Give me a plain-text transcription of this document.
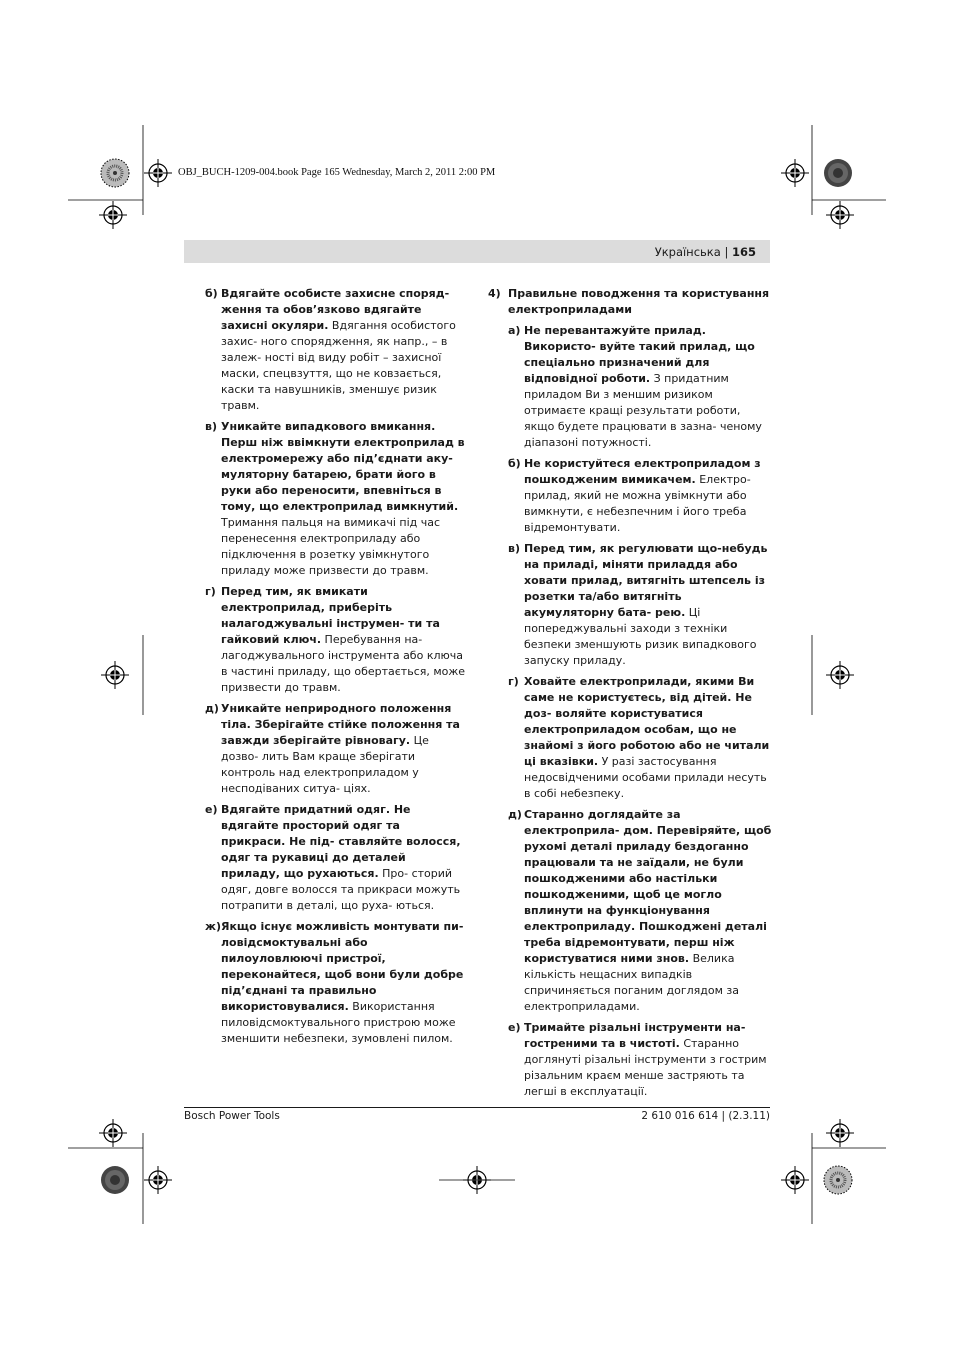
OBJ_BUCH-1209-004.book Page 165 Wednesday, March 2, 2011 2:00 PM
Українська | 165
б) Вдягайте особисте захисне споряд- ження та обов’язково вдягайте захисні окуляри. Вдягання особистого захис- ного спорядження, як напр., – в залеж- ності від виду робіт – захисної маски, спецвзуття, що не ковзається, каски та навушників, зменшує ризик травм.
в) Уникайте випадкового вмикання. Перш ніж ввімкнути електроприлад в електромережу або під’єднати аку- муляторну батарею, брати його в руки або переносити, впевніться в тому, що електроприлад вимкнутий. Тримання пальця на вимикачі під час перенесення електроприладу або підключення в розетку увімкнутого приладу може призвести до травм.
г) Перед тим, як вмикати електроприлад, приберіть налагоджувальні інструмен- ти та гайковий ключ. Перебування на- лагоджувального інструмента або ключа в частині приладу, що обертається, може призвести до травм.
д) Уникайте неприродного положення тіла. Зберігайте стійке положення та завжди зберігайте рівновагу. Це дозво- лить Вам краще зберігати контроль над електроприладом у несподіваних ситуа- ціях.
е) Вдягайте придатний одяг. Не вдягайте просторий одяг та прикраси. Не під- ставляйте волосся, одяг та рукавиці до деталей приладу, що рухаються. Про- сторий одяг, довге волосся та прикраси можуть потрапити в деталі, що руха- ються.
ж) Якщо існує можливість монтувати пи- ловідсмоктувальні або пилоуловлюючі пристрої, переконайтеся, щоб вони були добре під’єднані та правильно використовувалися. Використання пиловідсмоктувального пристрою може зменшити небезпеки, зумовлені пилом.
4) Правильне поводження та користування електроприладами
а) Не перевантажуйте прилад. Використо- вуйте такий прилад, що спеціально призначений для відповідної роботи. З придатним приладом Ви з меншим ризиком отримаєте кращі результати роботи, якщо будете працювати в зазна- ченому діапазоні потужності.
б) Не користуйтеся електроприладом з пошкодженим вимикачем. Електро- прилад, який не можна увімкнути або вимкнути, є небезпечним і його треба відремонтувати.
в) Перед тим, як регулювати що-небудь на приладі, міняти приладдя або ховати прилад, витягніть штепсель із розетки та/або витягніть акумуляторну бата- рею. Ці попереджувальні заходи з техніки безпеки зменшують ризик випадкового запуску приладу.
г) Ховайте електроприлади, якими Ви саме не користуєтесь, від дітей. Не доз- воляйте користуватися електроприладом особам, що не знайомі з його роботою або не читали ці вказівки. У разі застосування недосвідченими особами прилади несуть в собі небезпеку.
д) Старанно доглядайте за електроприла- дом. Перевіряйте, щоб рухомі деталі приладу бездоганно працювали та не заїдали, не були пошкодженими або настільки пошкодженими, щоб це могло вплинути на функціонування електроприладу. Пошкоджені деталі треба відремонтувати, перш ніж користуватися ними знов. Велика кількість нещасних випадків спричиняється поганим доглядом за електроприладами.
е) Тримайте різальні інструменти на- гостреними та в чистоті. Старанно доглянуті різальні інструменти з гострим різальним краєм менше застряють та легші в експлуатації.
Bosch Power Tools	2 610 016 614 | (2.3.11)
